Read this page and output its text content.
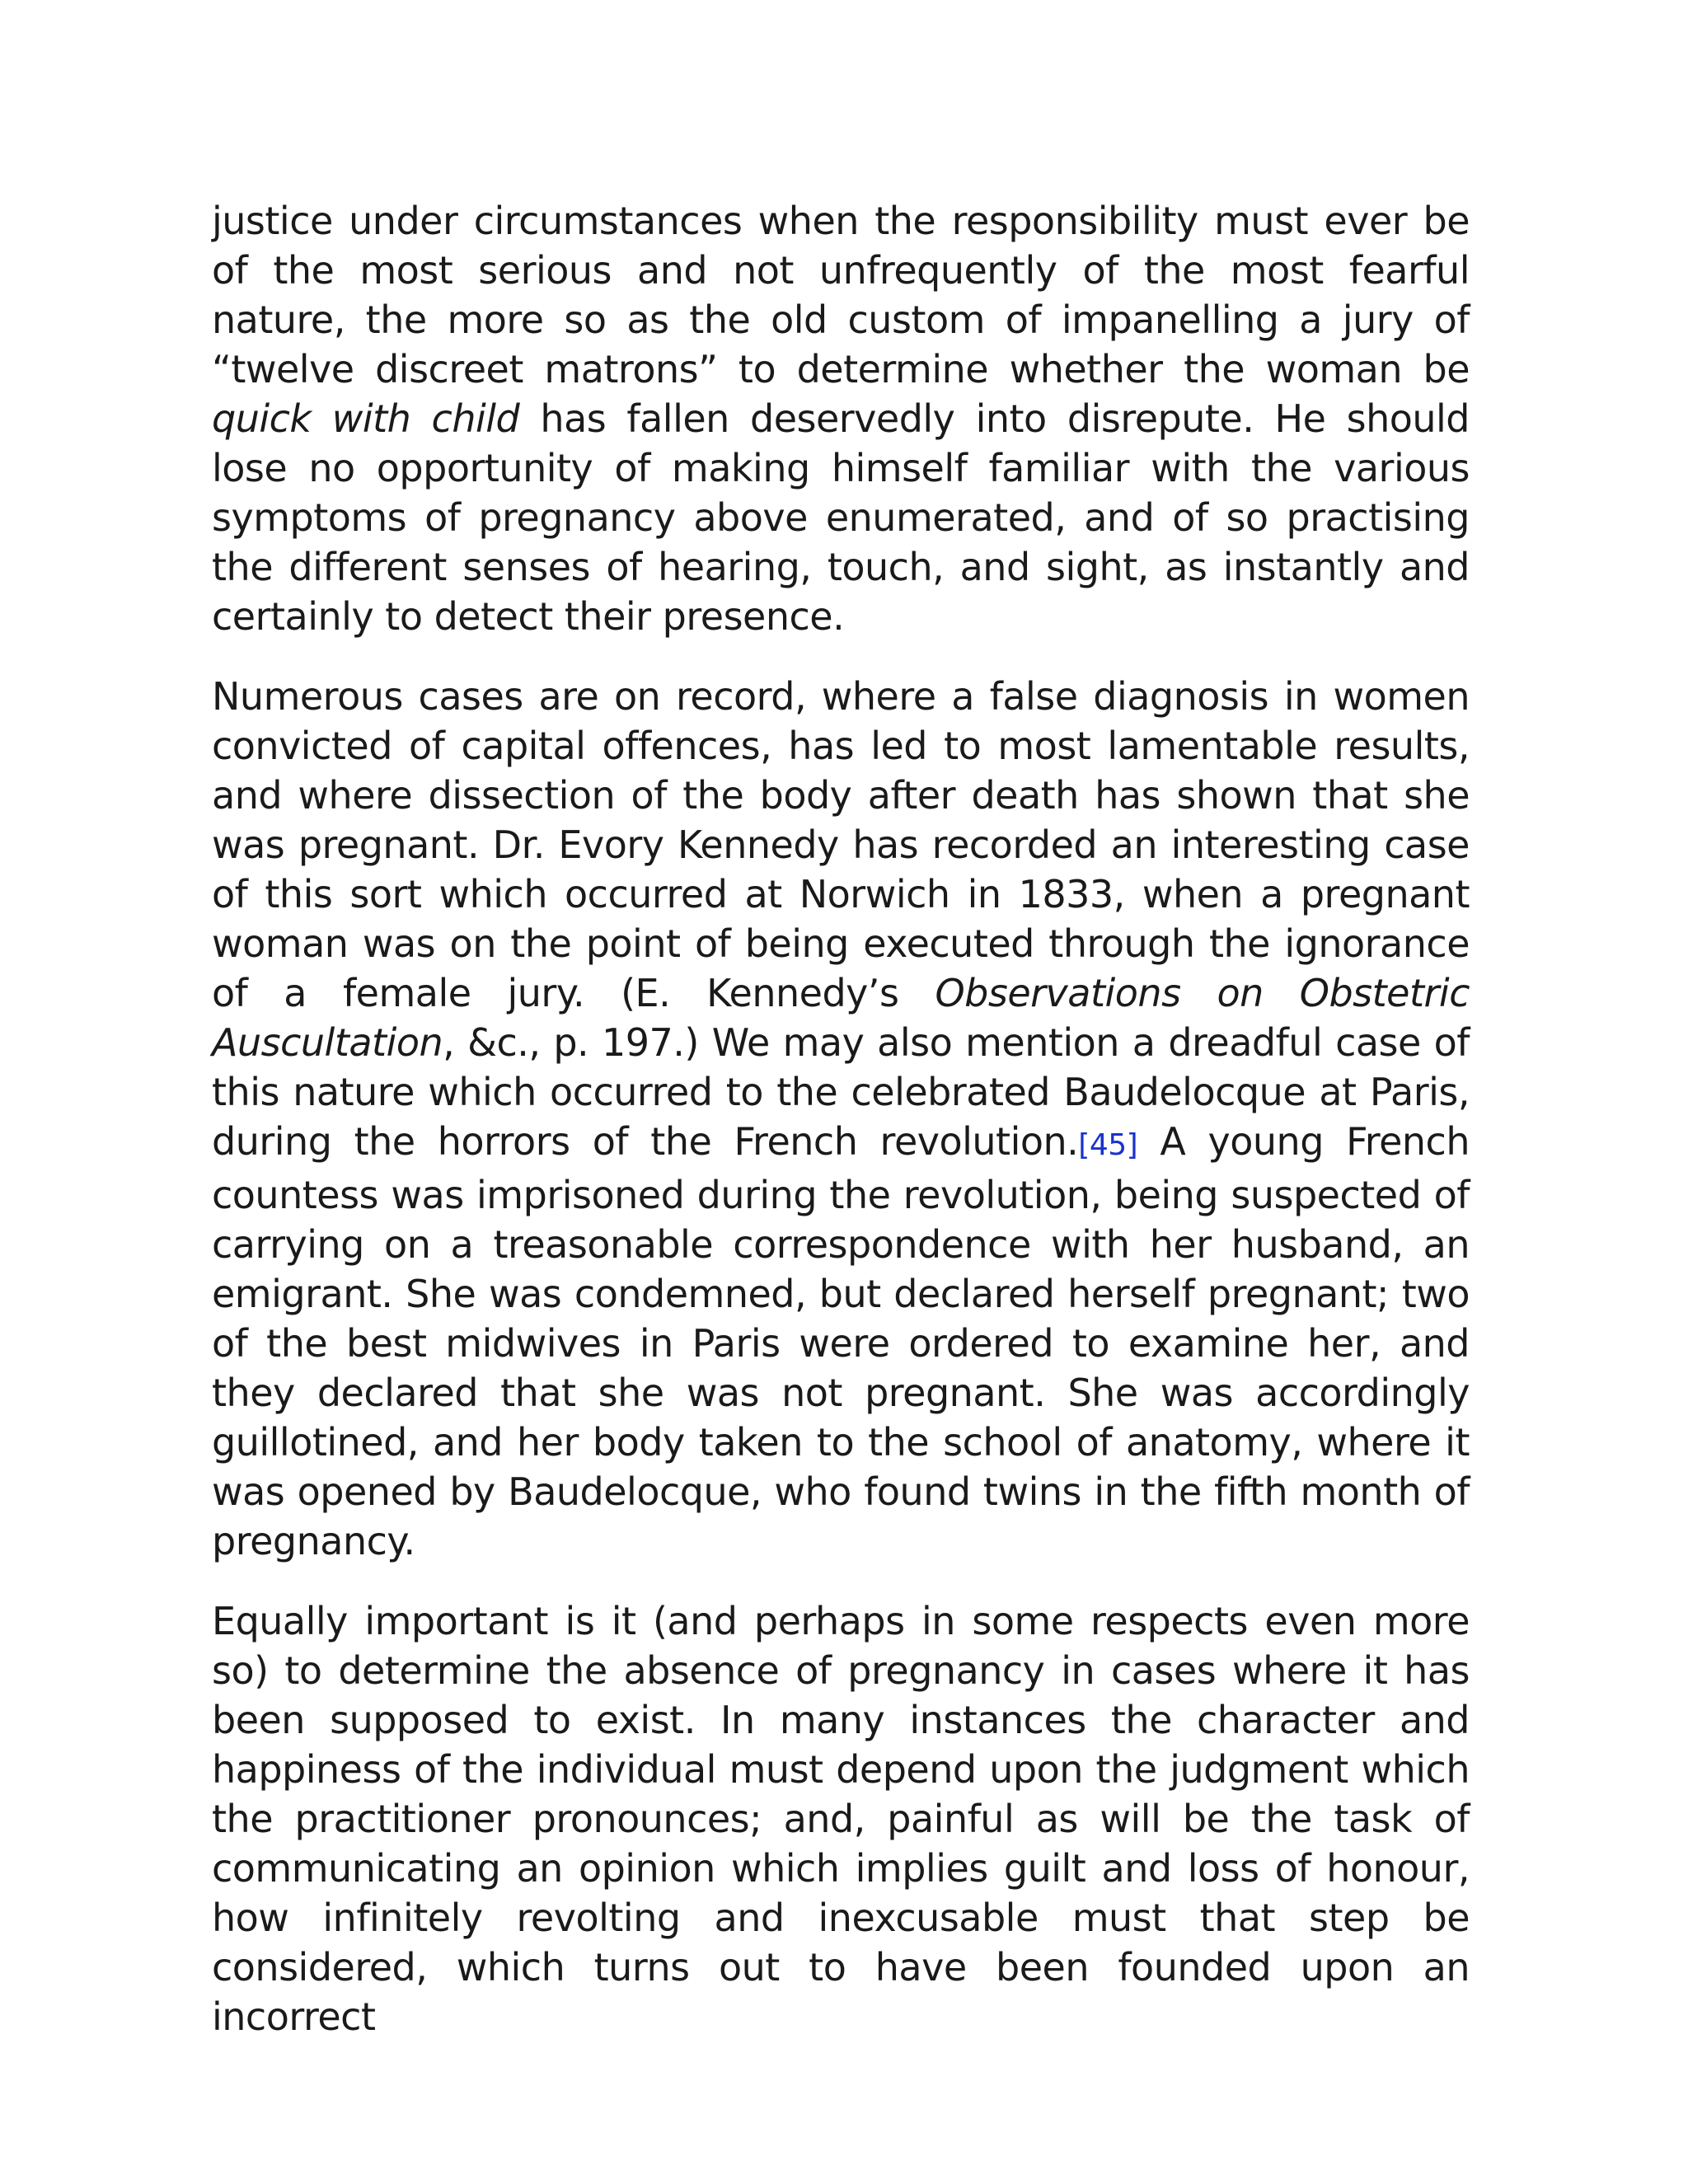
justice under circumstances when the responsibility must ever be of the most serious and not unfrequently of the most fearful nature, the more so as the old custom of impanelling a jury of “twelve discreet matrons” to determine whether the woman be quick with child has fallen deservedly into disrepute. He should lose no opportunity of making himself familiar with the various symptoms of pregnancy above enumerated, and of so practising the different senses of hearing, touch, and sight, as instantly and certainly to detect their presence.

Numerous cases are on record, where a false diagnosis in women convicted of capital offences, has led to most lamentable results, and where dissection of the body after death has shown that she was pregnant. Dr. Evory Kennedy has recorded an interesting case of this sort which occurred at Norwich in 1833, when a pregnant woman was on the point of being executed through the ignorance of a female jury. (E. Kennedy’s Observations on Obstetric Auscultation, &c., p. 197.) We may also mention a dreadful case of this nature which occurred to the celebrated Baudelocque at Paris, during the horrors of the French revolution.[45] A young French countess was imprisoned during the revolution, being suspected of carrying on a treasonable correspondence with her husband, an emigrant. She was condemned, but declared herself pregnant; two of the best midwives in Paris were ordered to examine her, and they declared that she was not pregnant. She was accordingly guillotined, and her body taken to the school of anatomy, where it was opened by Baudelocque, who found twins in the fifth month of pregnancy.

Equally important is it (and perhaps in some respects even more so) to determine the absence of pregnancy in cases where it has been supposed to exist. In many instances the character and happiness of the individual must depend upon the judgment which the practitioner pronounces; and, painful as will be the task of communicating an opinion which implies guilt and loss of honour, how infinitely revolting and inexcusable must that step be considered, which turns out to have been founded upon an incorrect
